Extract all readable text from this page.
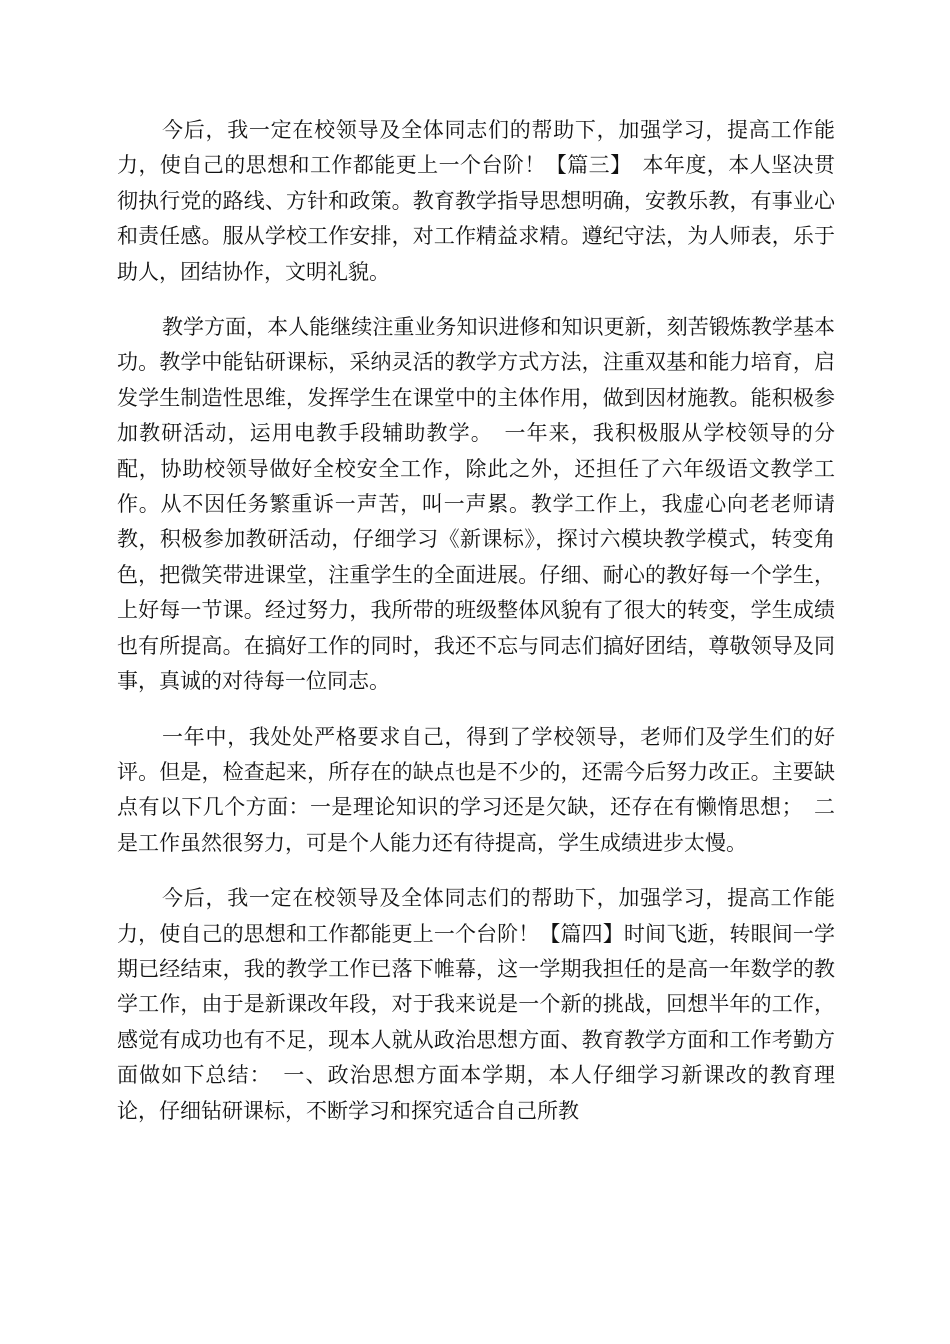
今后，我一定在校领导及全体同志们的帮助下，加强学习，提高工作能力，使自己的思想和工作都能更上一个台阶！【篇三】　本年度，本人坚决贯彻执行党的路线、方针和政策。教育教学指导思想明确，安教乐教，有事业心和责任感。服从学校工作安排，对工作精益求精。遵纪守法，为人师表，乐于助人，团结协作，文明礼貌。

教学方面，本人能继续注重业务知识进修和知识更新，刻苦锻炼教学基本功。教学中能钻研课标，采纳灵活的教学方式方法，注重双基和能力培育，启发学生制造性思维，发挥学生在课堂中的主体作用，做到因材施教。能积极参加教研活动，运用电教手段辅助教学。　一年来，我积极服从学校领导的分配，协助校领导做好全校安全工作，除此之外，还担任了六年级语文教学工作。从不因任务繁重诉一声苦，叫一声累。教学工作上，我虚心向老老师请教，积极参加教研活动，仔细学习《新课标》，探讨六模块教学模式，转变角色，把微笑带进课堂，注重学生的全面进展。仔细、耐心的教好每一个学生，上好每一节课。经过努力，我所带的班级整体风貌有了很大的转变，学生成绩也有所提高。在搞好工作的同时，我还不忘与同志们搞好团结，尊敬领导及同事，真诚的对待每一位同志。

一年中，我处处严格要求自己，得到了学校领导，老师们及学生们的好评。但是，检查起来，所存在的缺点也是不少的，还需今后努力改正。主要缺点有以下几个方面：一是理论知识的学习还是欠缺，还存在有懒惰思想；　二是工作虽然很努力，可是个人能力还有待提高，学生成绩进步太慢。

今后，我一定在校领导及全体同志们的帮助下，加强学习，提高工作能力，使自己的思想和工作都能更上一个台阶！【篇四】时间飞逝，转眼间一学期已经结束，我的教学工作已落下帷幕，这一学期我担任的是高一年数学的教学工作，由于是新课改年段，对于我来说是一个新的挑战，回想半年的工作，感觉有成功也有不足，现本人就从政治思想方面、教育教学方面和工作考勤方面做如下总结：　一、政治思想方面本学期，本人仔细学习新课改的教育理论，仔细钻研课标，不断学习和探究适合自己所教
